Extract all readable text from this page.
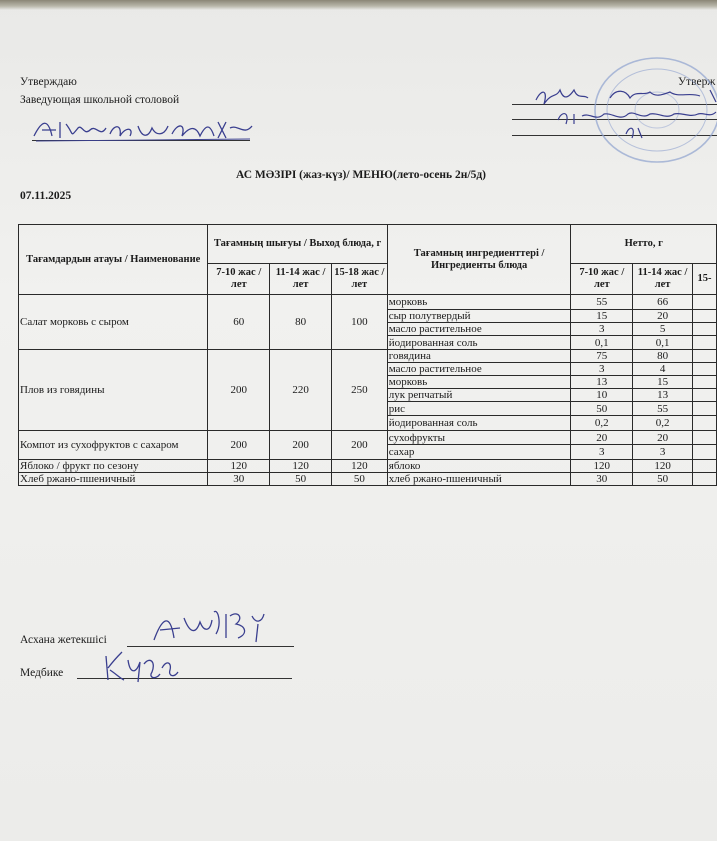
Утверждаю
Заведующая школьной столовой
Утверж
АС МӘЗІРІ (жаз-күз)/ МЕНЮ(лето-осень 2н/5д)
07.11.2025
Тағамдардын атауы / Наименование	Тағамның шығуы / Выход блюда, г			Тағамның ингредиенттері / Ингредиенты блюда	Нетто, г		
	7-10 жас / лет	11-14 жас / лет	15-18 жас / лет		7-10 жас / лет	11-14 жас / лет	15-
Салат морковь с сыром	60	80	100	морковь	55	66	
				сыр полутвердый	15	20	
				масло растительное	3	5	
				йодированная соль	0,1	0,1	
Плов из говядины	200	220	250	говядина	75	80	
				масло растительное	3	4	
				морковь	13	15	
				лук репчатый	10	13	
				рис	50	55	
				йодированная соль	0,2	0,2	
Компот из сухофруктов с сахаром	200	200	200	сухофрукты	20	20	
				сахар	3	3	
Яблоко / фрукт по сезону	120	120	120	яблоко	120	120	
Хлеб ржано-пшеничный	30	50	50	хлеб ржано-пшеничный	30	50	
Асхана жетекшісі
Медбике
